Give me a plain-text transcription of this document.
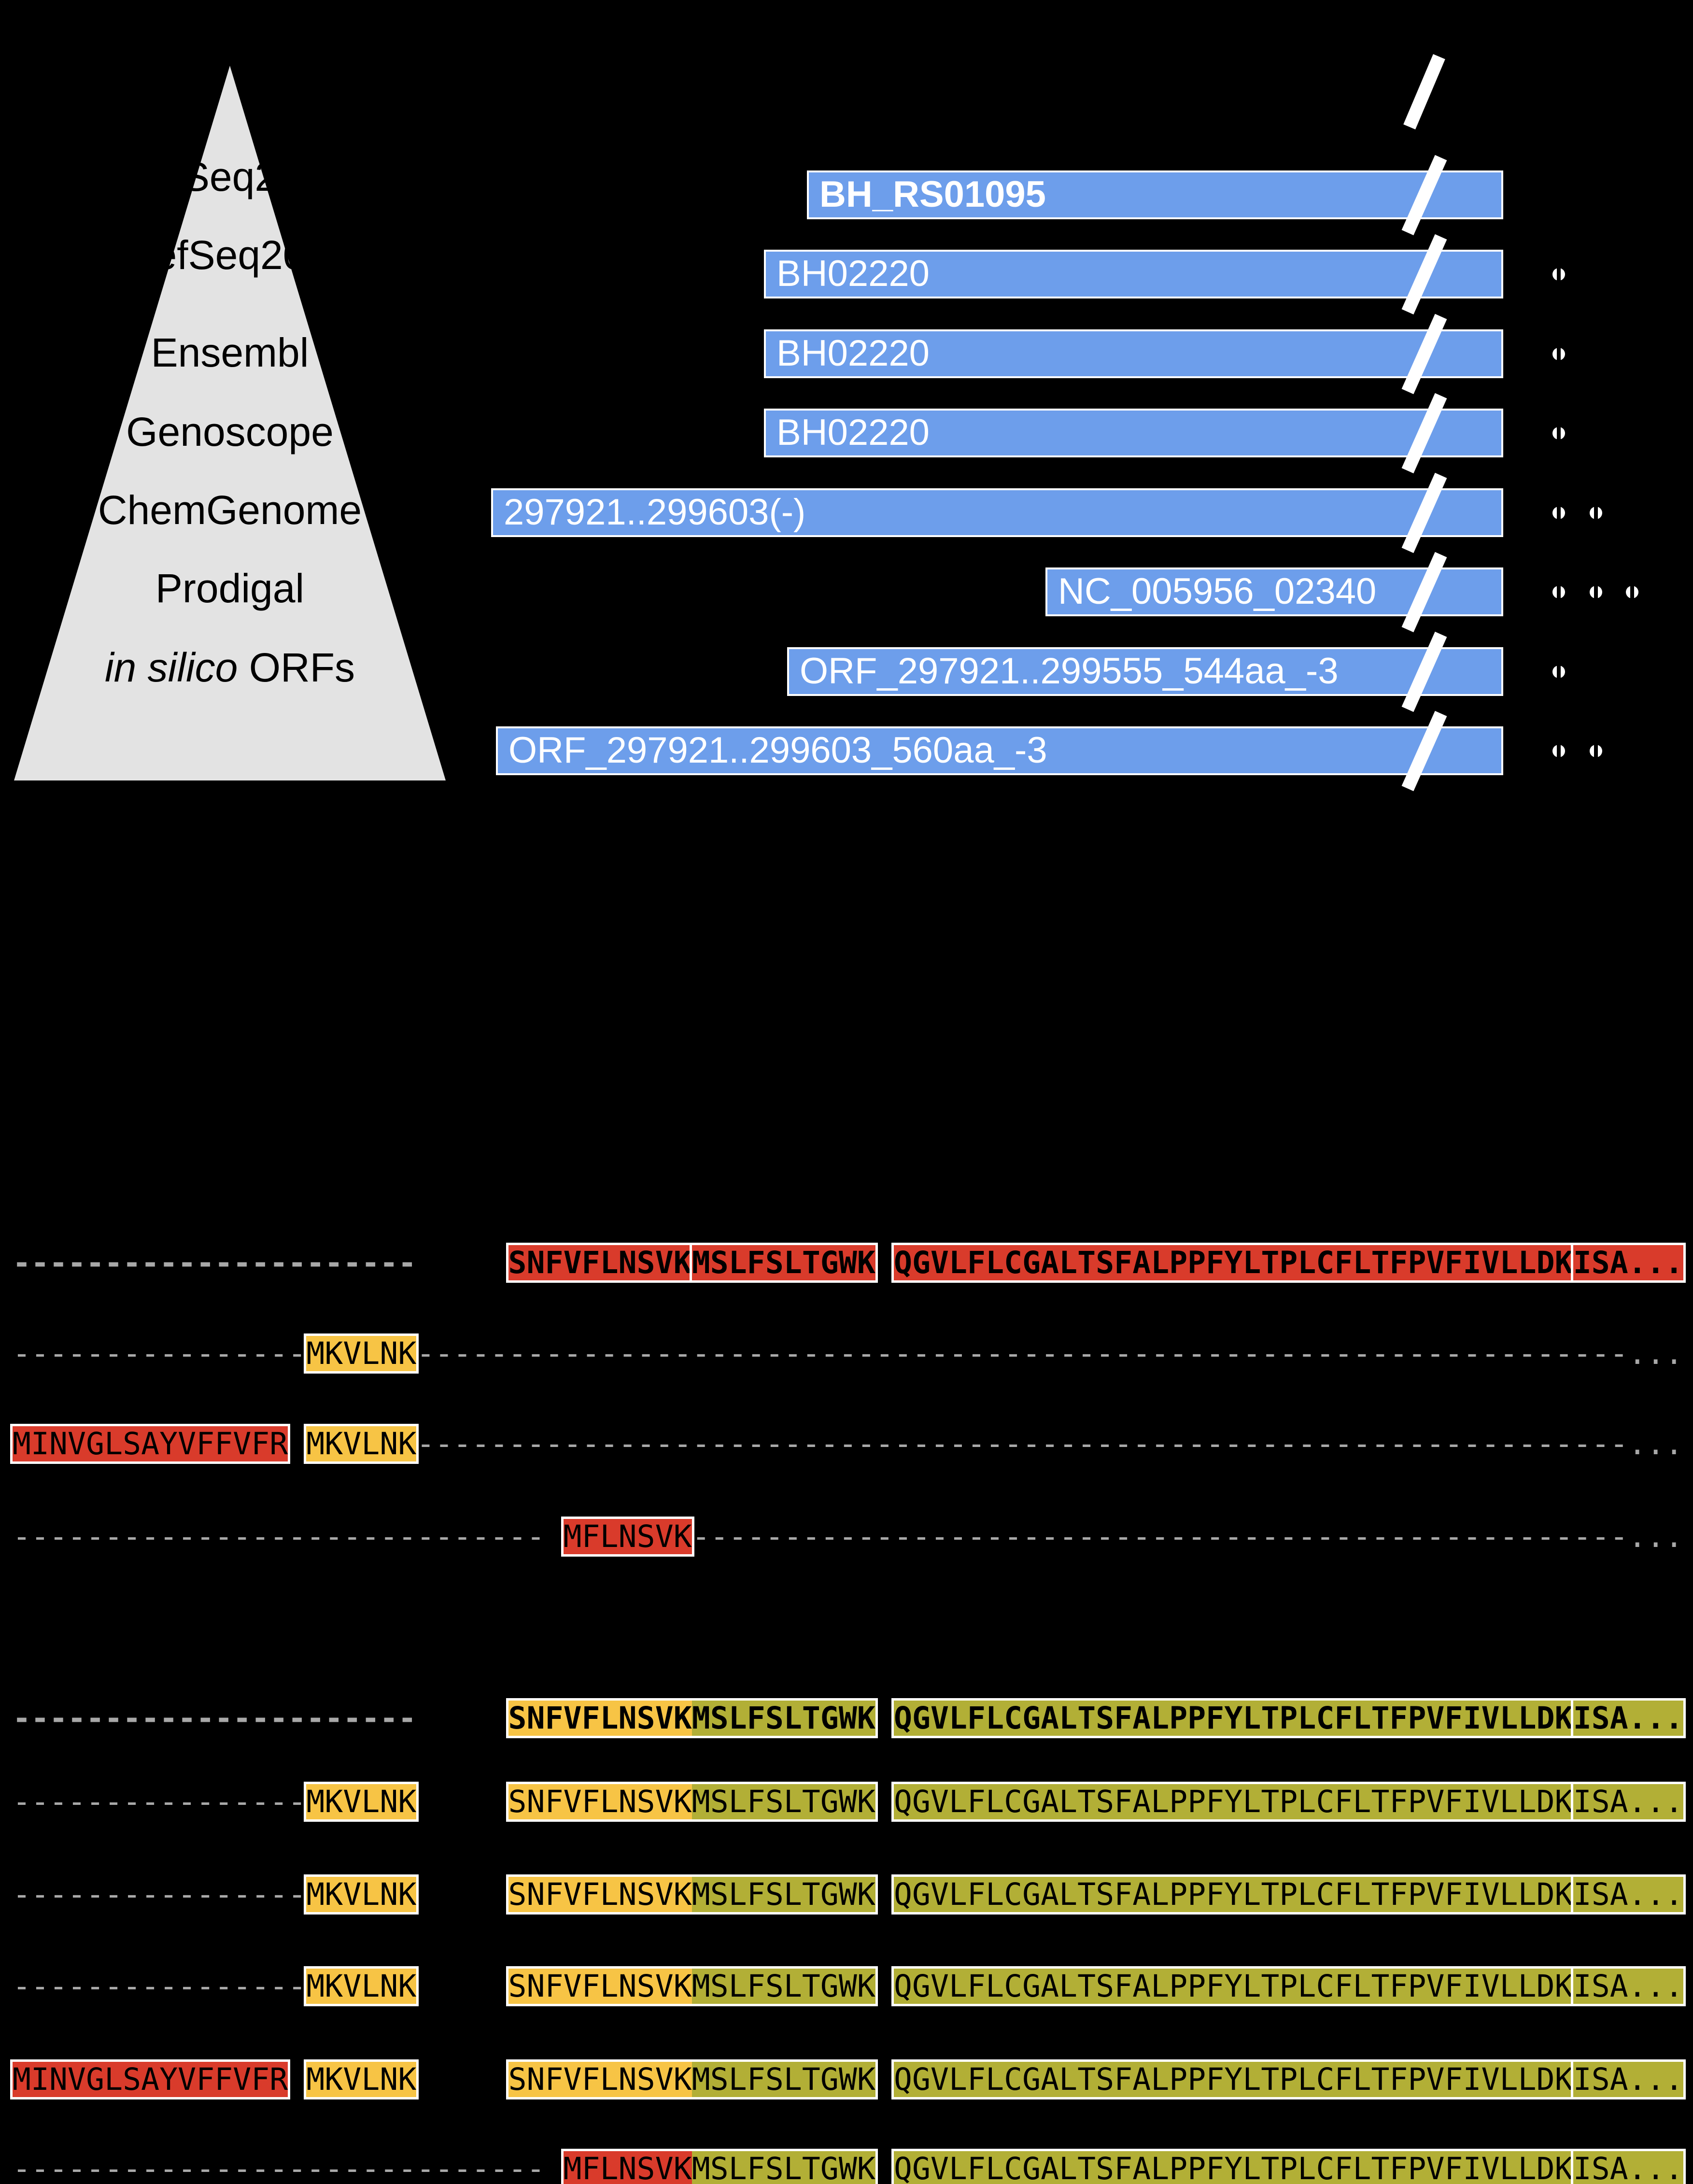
Seq2
efSeq20
Ensembl
Genoscope
ChemGenome
Prodigal
in silico ORFs
BH_RS01095
BH02220
BH02220
BH02220
297921..299603(-)
NC_005956_02340
ORF_297921..299555_544aa_-3
ORF_297921..299603_560aa_-3
----------------------	SNFVFLNSVKMSLFSLTGWK QGVLFLCGALTSFALPPFYLTPLCFLTFPVFIVLLDKISA...
----------------MKVLNK------------------------------------------------------------------...
MINVGLSAYVFFVFR MKVLNK------------------------------------------------------------------...
----------------------------- MFLNSVK---------------------------------------------------...
----------------------	SNFVFLNSVKMSLFSLTGWK QGVLFLCGALTSFALPPFYLTPLCFLTFPVFIVLLDKISA...
----------------MKVLNK	SNFVFLNSVKMSLFSLTGWK QGVLFLCGALTSFALPPFYLTPLCFLTFPVFIVLLDKISA...
----------------MKVLNK	SNFVFLNSVKMSLFSLTGWK QGVLFLCGALTSFALPPFYLTPLCFLTFPVFIVLLDKISA...
----------------MKVLNK	SNFVFLNSVKMSLFSLTGWK QGVLFLCGALTSFALPPFYLTPLCFLTFPVFIVLLDKISA...
MINVGLSAYVFFVFR MKVLNK	SNFVFLNSVKMSLFSLTGWK QGVLFLCGALTSFALPPFYLTPLCFLTFPVFIVLLDKISA...
----------------------------- MFLNSVKMSLFSLTGWK QGVLFLCGALTSFALPPFYLTPLCFLTFPVFIVLLDKISA...
